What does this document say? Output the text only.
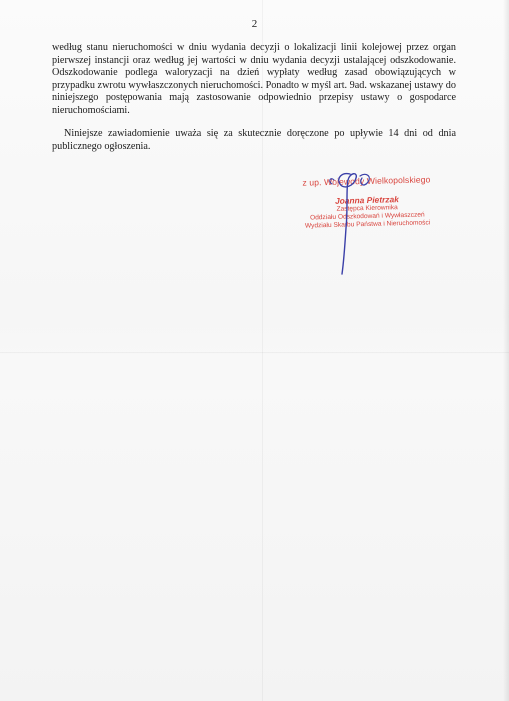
2

według stanu nieruchomości w dniu wydania decyzji o lokalizacji linii kolejowej przez organ pierwszej instancji oraz według jej wartości w dniu wydania decyzji ustalającej odszkodowanie. Odszkodowanie podlega waloryzacji na dzień wypłaty według zasad obowiązujących w przypadku zwrotu wywłaszczonych nieruchomości. Ponadto w myśl art. 9ad. wskazanej ustawy do niniejszego postępowania mają zastosowanie odpowiednio przepisy ustawy o gospodarce nieruchomościami.

Niniejsze zawiadomienie uważa się za skutecznie doręczone po upływie 14 dni od dnia publicznego ogłoszenia.

z up. Wojewody Wielkopolskiego
Joanna Pietrzak
Zastępca Kierownika
Oddziału Odszkodowań i Wywłaszczeń
Wydziału Skarbu Państwa i Nieruchomości
